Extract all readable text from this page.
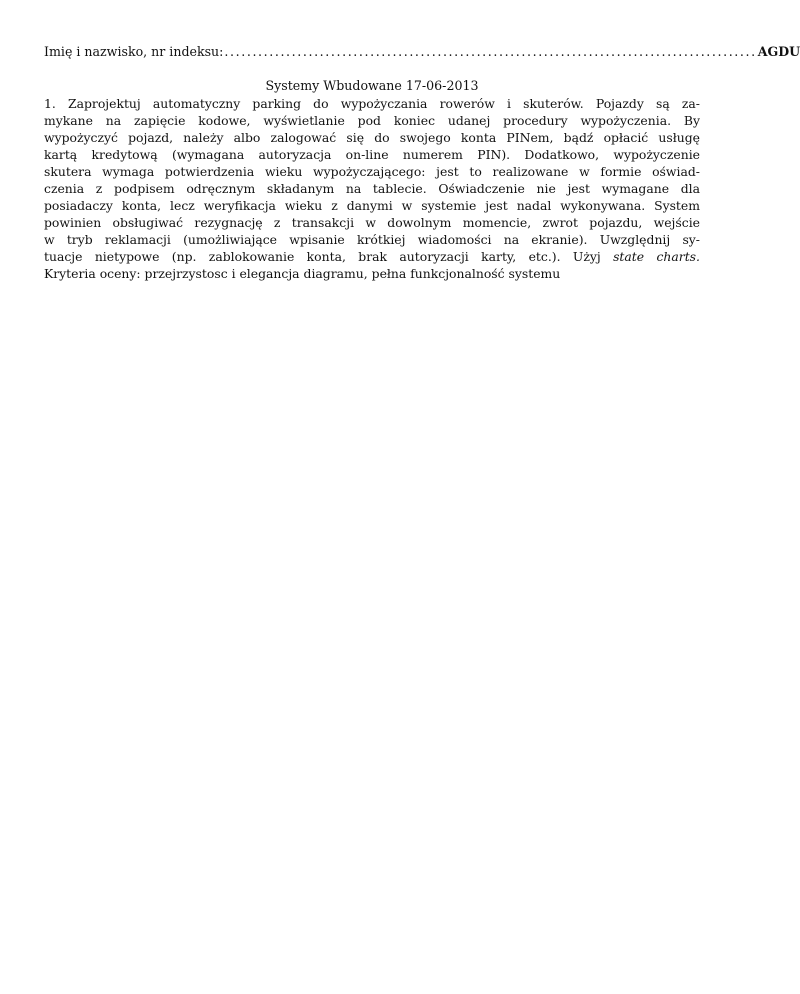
Imię i nazwisko, nr indeksu: ............................................................................................... AGDU
Systemy Wbudowane 17-06-2013
1. Zaprojektuj automatyczny parking do wypożyczania rowerów i skuterów. Pojazdy są za-
mykane na zapięcie kodowe, wyświetlanie pod koniec udanej procedury wypożyczenia. By
wypożyczyć pojazd, należy albo zalogować się do swojego konta PINem, bądź opłacić usługę
kartą kredytową (wymagana autoryzacja on-line numerem PIN). Dodatkowo, wypożyczenie
skutera wymaga potwierdzenia wieku wypożyczającego: jest to realizowane w formie oświad-
czenia z podpisem odręcznym składanym na tablecie. Oświadczenie nie jest wymagane dla
posiadaczy konta, lecz weryfikacja wieku z danymi w systemie jest nadal wykonywana. System
powinien obsługiwać rezygnację z transakcji w dowolnym momencie, zwrot pojazdu, wejście
w tryb reklamacji (umożliwiające wpisanie krótkiej wiadomości na ekranie). Uwzględnij sy-
tuacje nietypowe (np. zablokowanie konta, brak autoryzacji karty, etc.). Użyj state charts.
Kryteria oceny: przejrzystosc i elegancja diagramu, pełna funkcjonalność systemu
